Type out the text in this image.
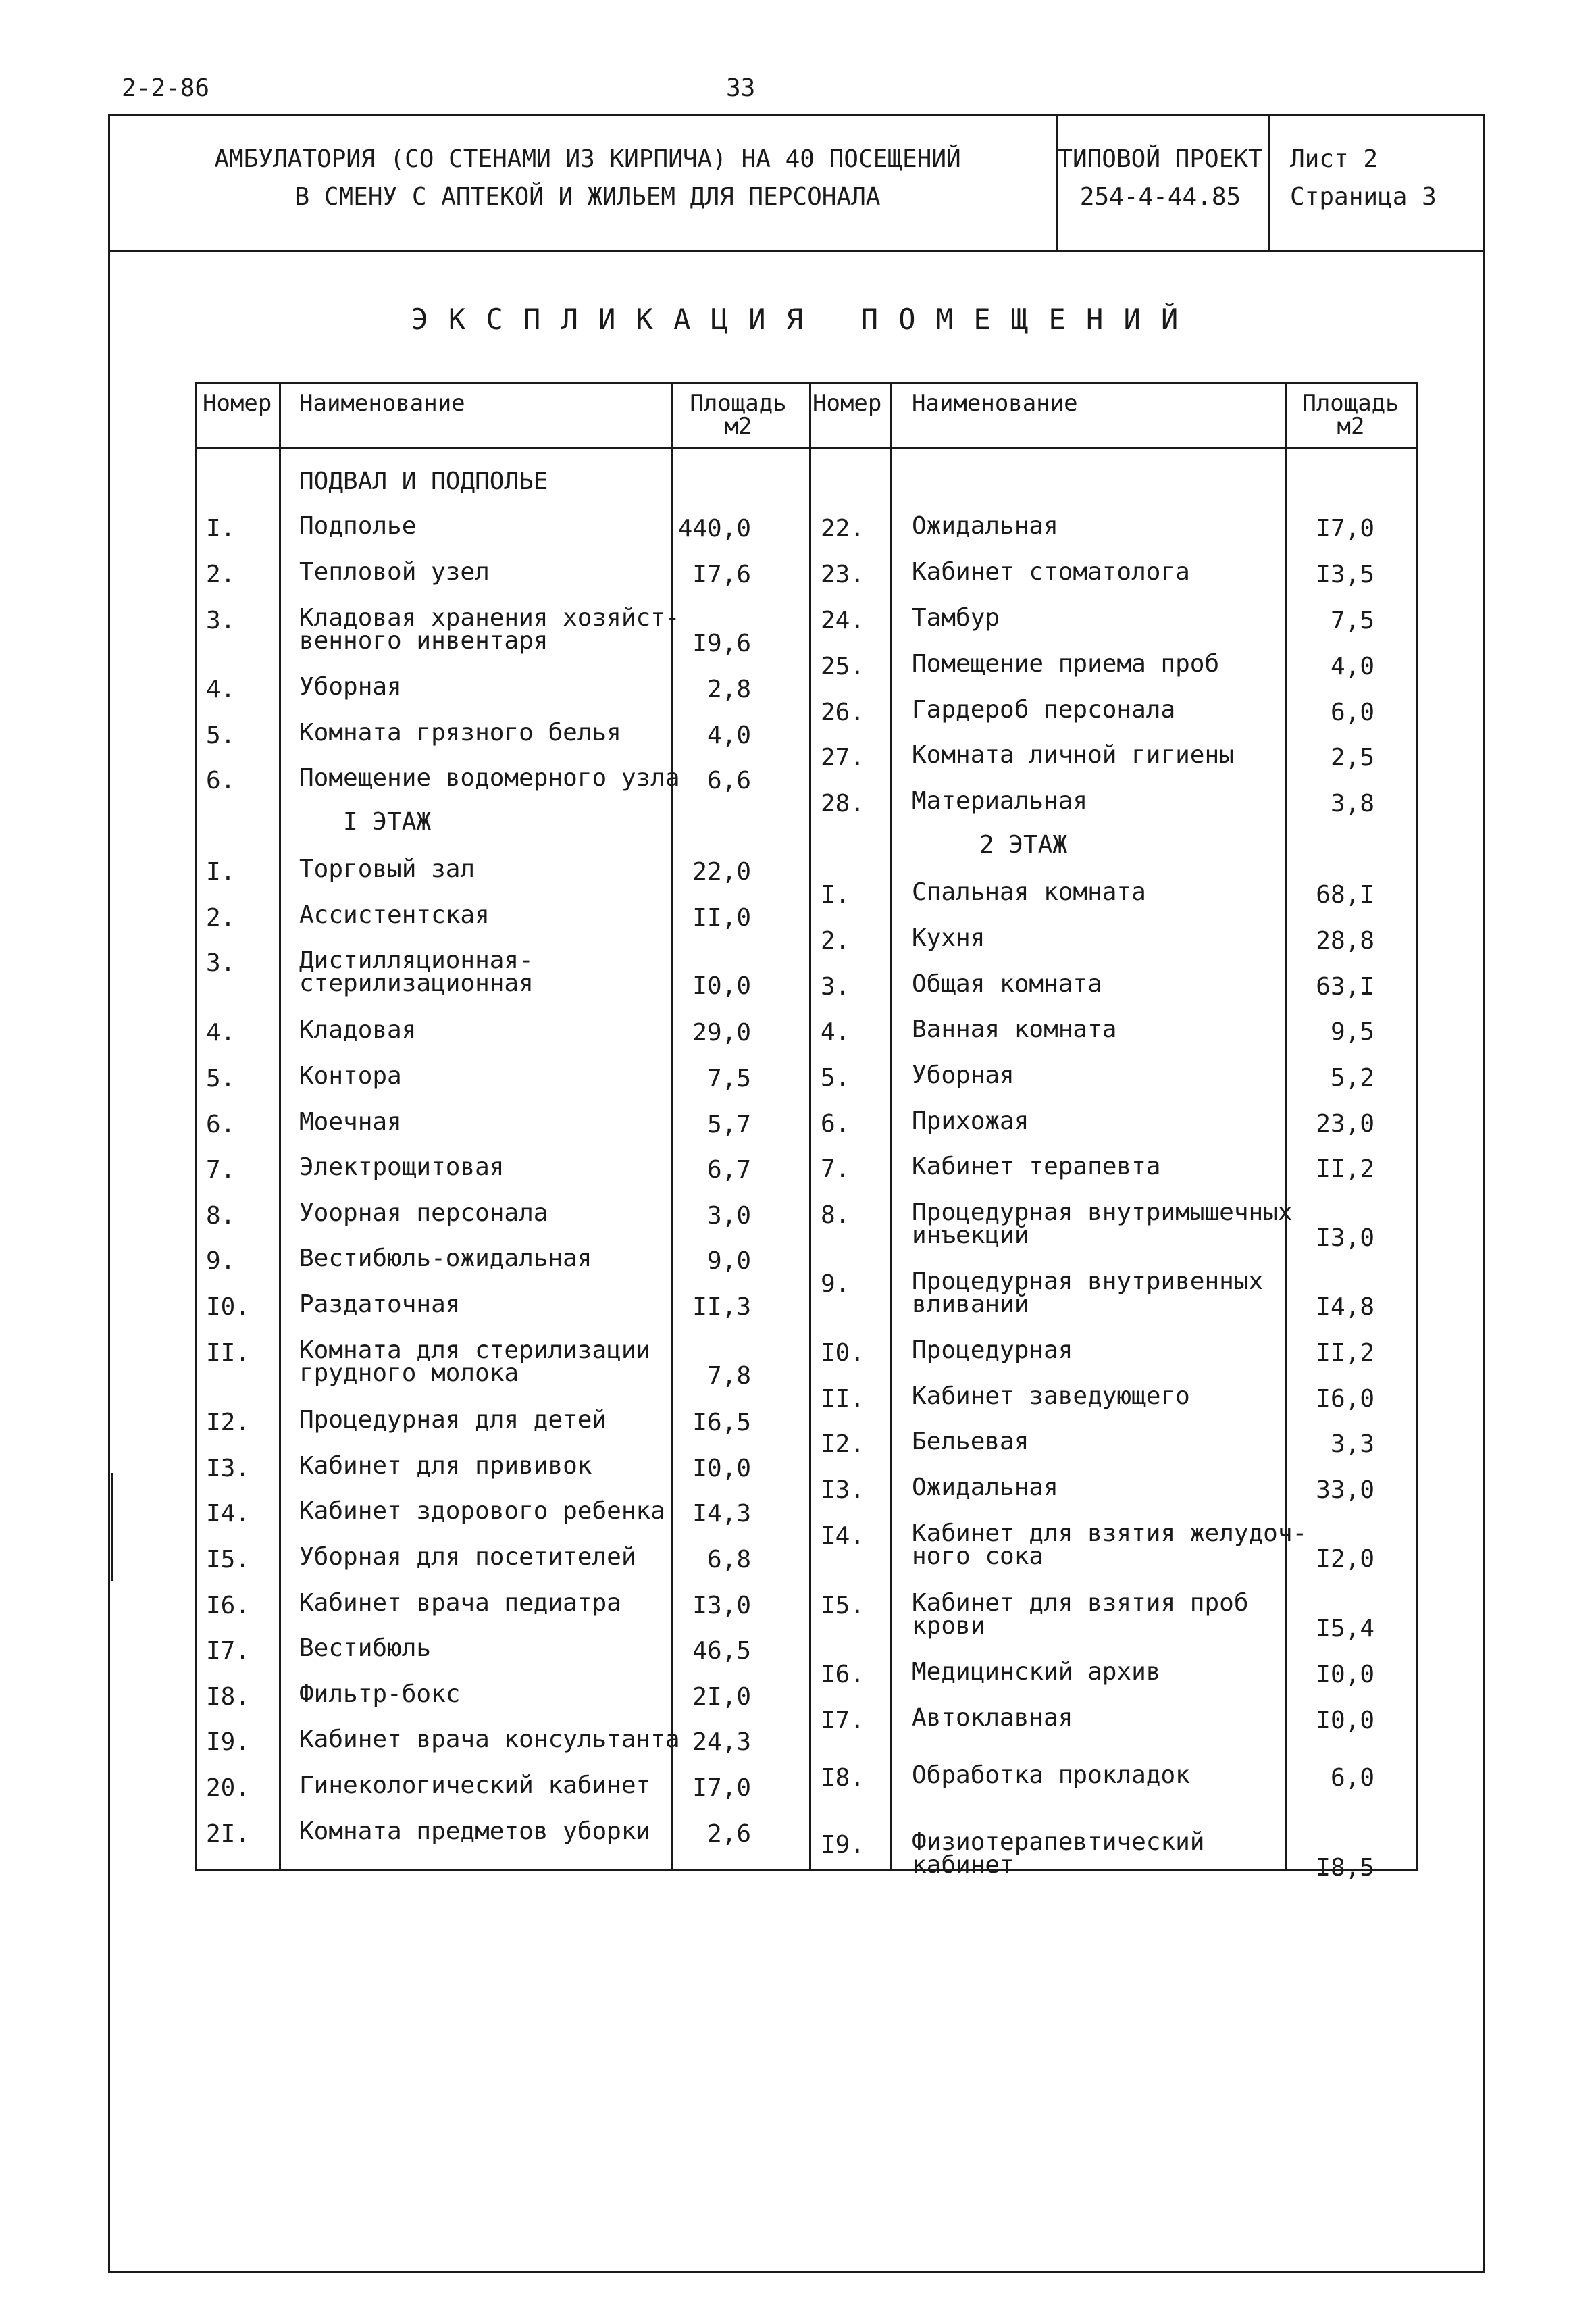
2-2-86	33
АМБУЛАТОРИЯ (СО СТЕНАМИ ИЗ КИРПИЧА) НА 40 ПОСЕЩЕНИЙ
В СМЕНУ С АПТЕКОЙ И ЖИЛЬЕМ ДЛЯ ПЕРСОНАЛА
ТИПОВОЙ ПРОЕКТ
254-4-44.85
Лист 2
Страница 3
ЭКСПЛИКАЦИЯ ПОМЕЩЕНИЙ
Номер Наименование	Площадь
м2
Номер Наименование	Площадь
м2
ПОДВАЛ И ПОДПОЛЬЕ
I ЭТАЖ
2 ЭТАЖ
I.	Подполье	440,0
2.	Тепловой узел	I7,6
3.	Кладовая хранения хозяйст-
венного инвентаря	I9,6
4.	Уборная	2,8
5.	Комната грязного белья	4,0
6.	Помещение водомерного узла	6,6
I.	Торговый зал	22,0
2.	Ассистентская	II,0
3.	Дистилляционная-
стерилизационная	I0,0
4.	Кладовая	29,0
5.	Контора	7,5
6.	Моечная	5,7
7.	Электрощитовая	6,7
8.	Уоорная персонала	3,0
9.	Вестибюль-ожидальная	9,0
I0. Раздаточная	II,3
II. Комната для стерилизации
грудного молока	7,8
I2. Процедурная для детей	I6,5
I3. Кабинет для прививок	I0,0
I4. Кабинет здорового ребенка	I4,3
I5. Уборная для посетителей	6,8
I6. Кабинет врача педиатра	I3,0
I7. Вестибюль	46,5
I8. Фильтр-бокс	2I,0
I9. Кабинет врача консультанта 24,3
20. Гинекологический кабинет	I7,0
2I. Комната предметов уборки	2,6
22. Ожидальная	I7,0
23. Кабинет стоматолога	I3,5
24. Тамбур	7,5
25. Помещение приема проб	4,0
26. Гардероб персонала	6,0
27. Комната личной гигиены	2,5
28. Материальная	3,8
I.	Спальная комната	68,I
2.	Кухня	28,8
3.	Общая комната	63,I
4.	Ванная комната	9,5
5.	Уборная	5,2
6.	Прихожая	23,0
7.	Кабинет терапевта	II,2
8.	Процедурная внутримышечных
инъекций	I3,0
9.	Процедурная внутривенных
вливаний	I4,8
I0. Процедурная	II,2
II. Кабинет заведующего	I6,0
I2. Бельевая	3,3
I3. Ожидальная	33,0
I4. Кабинет для взятия желудоч-
ного сока	I2,0
I5. Кабинет для взятия проб
крови	I5,4
I6. Медицинский архив	I0,0
I7. Автоклавная	I0,0
I8. Обработка прокладок	6,0
I9. Физиотерапевтический
кабинет	I8,5
